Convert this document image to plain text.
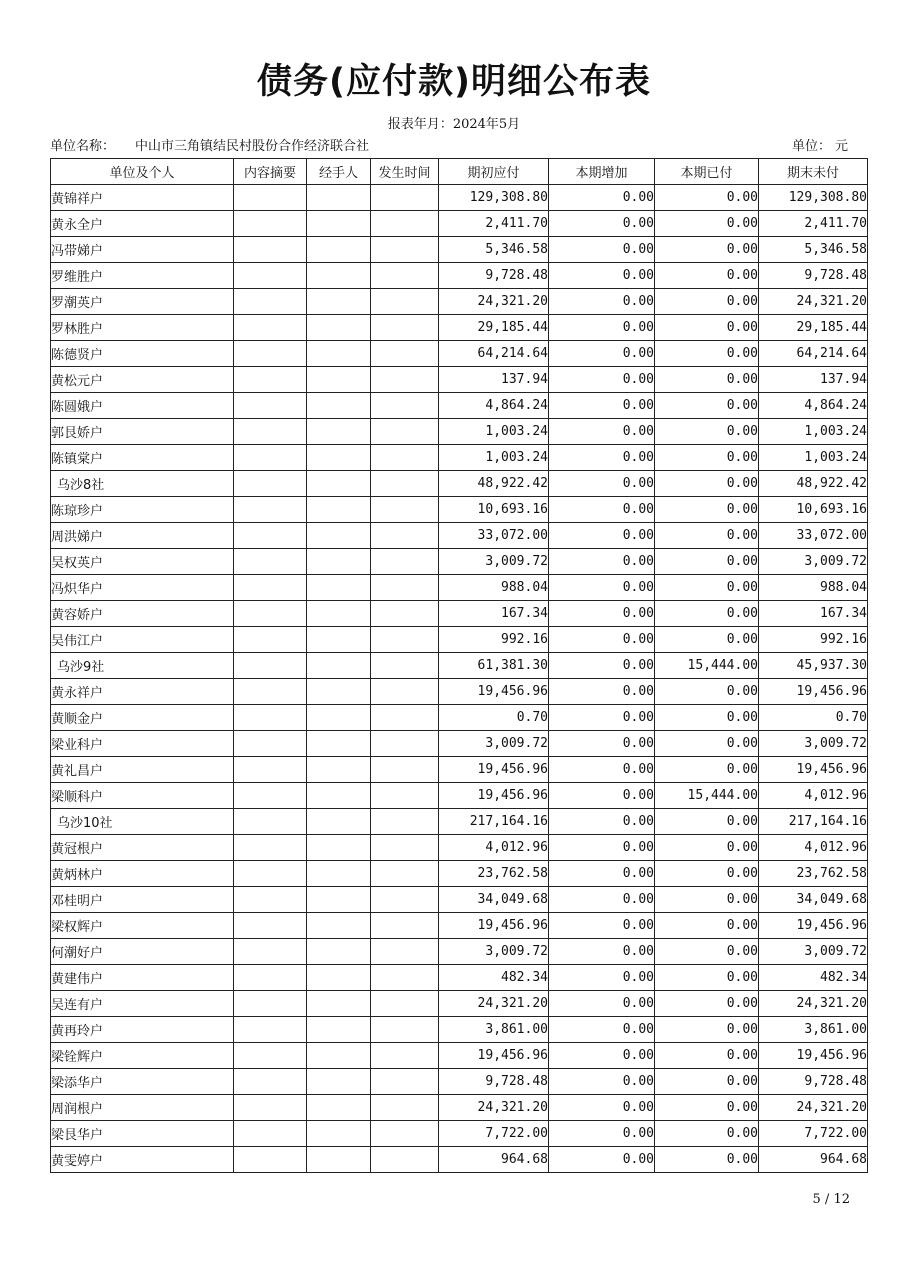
债务(应付款)明细公布表
报表年月：2024年5月
单位名称： 中山市三角镇结民村股份合作经济联合社	单位： 元
单位及个人	内容摘要	经手人	发生时间	期初应付	本期增加	本期已付	期末未付
黄锦祥户				129,308.80	0.00	0.00	129,308.80
黄永全户				2,411.70	0.00	0.00	2,411.70
冯带娣户				5,346.58	0.00	0.00	5,346.58
罗维胜户				9,728.48	0.00	0.00	9,728.48
罗潮英户				24,321.20	0.00	0.00	24,321.20
罗林胜户				29,185.44	0.00	0.00	29,185.44
陈德贤户				64,214.64	0.00	0.00	64,214.64
黄松元户				137.94	0.00	0.00	137.94
陈圆娥户				4,864.24	0.00	0.00	4,864.24
郭艮娇户				1,003.24	0.00	0.00	1,003.24
陈镇棠户				1,003.24	0.00	0.00	1,003.24
乌沙8社				48,922.42	0.00	0.00	48,922.42
陈琼珍户				10,693.16	0.00	0.00	10,693.16
周洪娣户				33,072.00	0.00	0.00	33,072.00
吴权英户				3,009.72	0.00	0.00	3,009.72
冯炽华户				988.04	0.00	0.00	988.04
黄容娇户				167.34	0.00	0.00	167.34
吴伟江户				992.16	0.00	0.00	992.16
乌沙9社				61,381.30	0.00	15,444.00	45,937.30
黄永祥户				19,456.96	0.00	0.00	19,456.96
黄顺金户				0.70	0.00	0.00	0.70
梁业科户				3,009.72	0.00	0.00	3,009.72
黄礼昌户				19,456.96	0.00	0.00	19,456.96
梁顺科户				19,456.96	0.00	15,444.00	4,012.96
乌沙10社				217,164.16	0.00	0.00	217,164.16
黄冠根户				4,012.96	0.00	0.00	4,012.96
黄炳林户				23,762.58	0.00	0.00	23,762.58
邓桂明户				34,049.68	0.00	0.00	34,049.68
梁权辉户				19,456.96	0.00	0.00	19,456.96
何潮好户				3,009.72	0.00	0.00	3,009.72
黄建伟户				482.34	0.00	0.00	482.34
吴连有户				24,321.20	0.00	0.00	24,321.20
黄再玲户				3,861.00	0.00	0.00	3,861.00
梁铨辉户				19,456.96	0.00	0.00	19,456.96
梁添华户				9,728.48	0.00	0.00	9,728.48
周润根户				24,321.20	0.00	0.00	24,321.20
梁艮华户				7,722.00	0.00	0.00	7,722.00
黄雯婷户				964.68	0.00	0.00	964.68
5 / 12
